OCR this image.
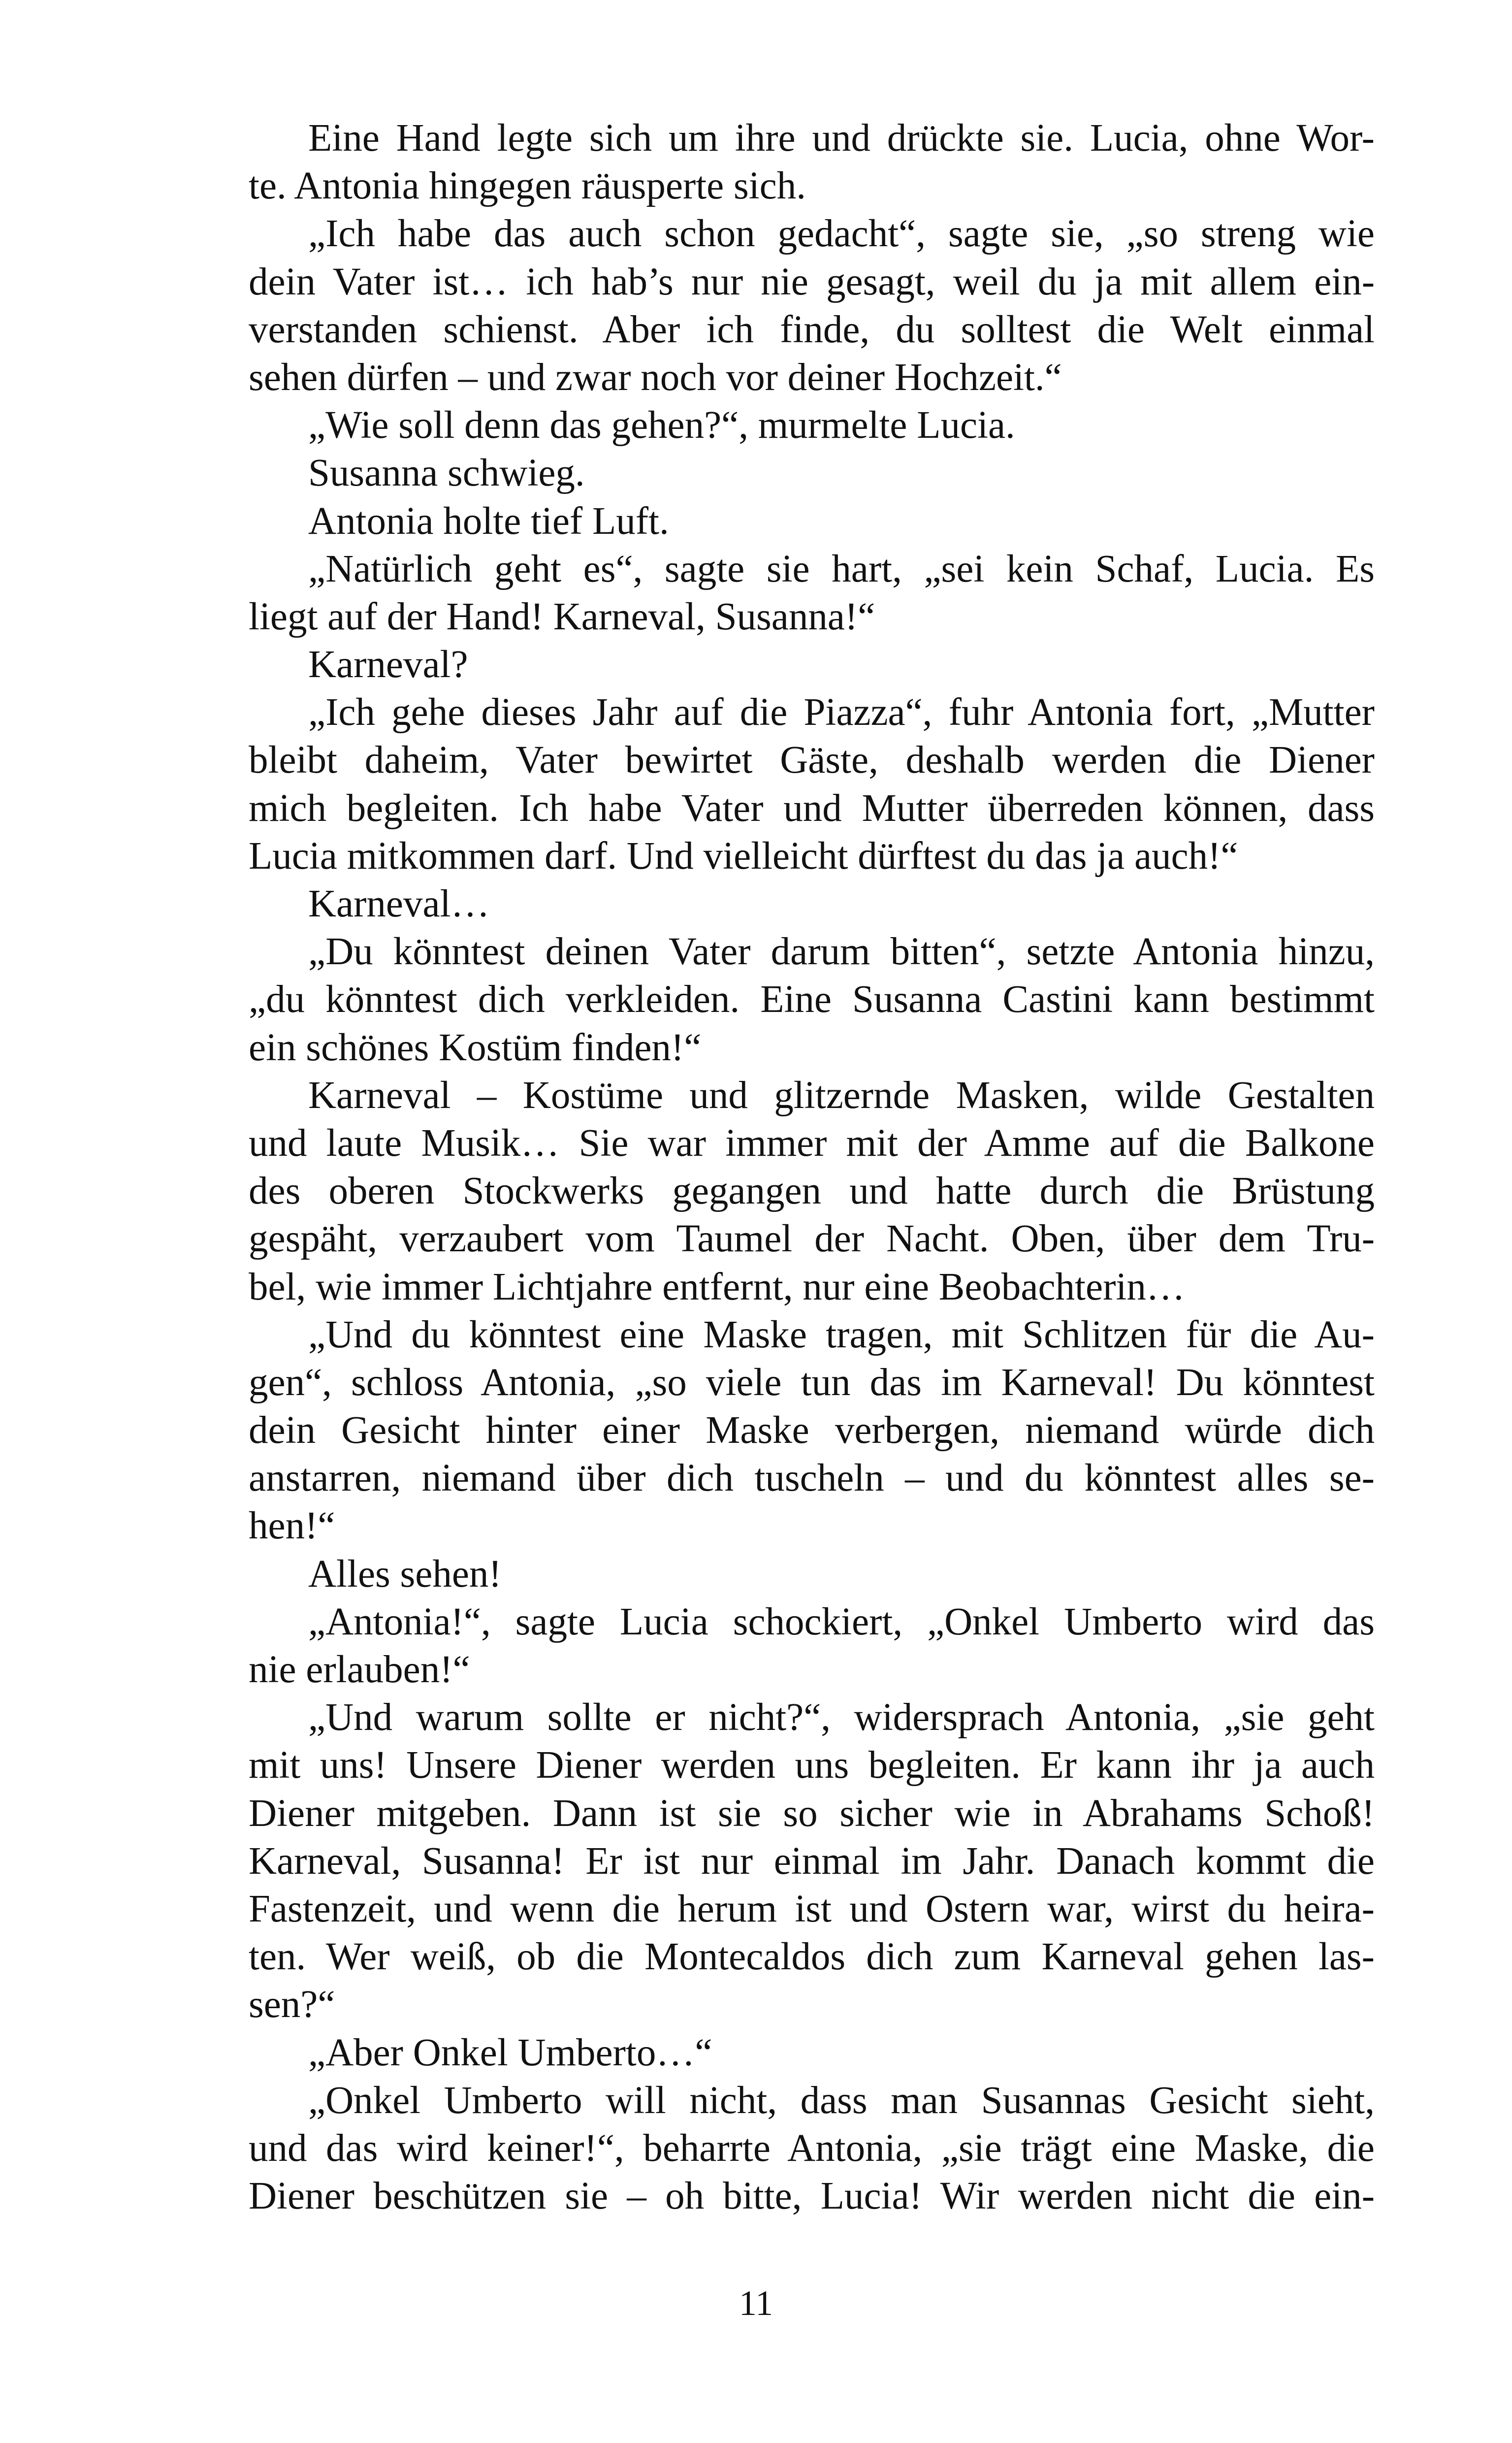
Eine Hand legte sich um ihre und drückte sie. Lucia, ohne Wor-
te. Antonia hingegen räusperte sich.
„Ich habe das auch schon gedacht“, sagte sie, „so streng wie
dein Vater ist… ich hab’s nur nie gesagt, weil du ja mit allem ein-
verstanden schienst. Aber ich finde, du solltest die Welt einmal
sehen dürfen – und zwar noch vor deiner Hochzeit.“
„Wie soll denn das gehen?“, murmelte Lucia.
Susanna schwieg.
Antonia holte tief Luft.
„Natürlich geht es“, sagte sie hart, „sei kein Schaf, Lucia. Es
liegt auf der Hand! Karneval, Susanna!“
Karneval?
„Ich gehe dieses Jahr auf die Piazza“, fuhr Antonia fort, „Mutter
bleibt daheim, Vater bewirtet Gäste, deshalb werden die Diener
mich begleiten. Ich habe Vater und Mutter überreden können, dass
Lucia mitkommen darf. Und vielleicht dürftest du das ja auch!“
Karneval…
„Du könntest deinen Vater darum bitten“, setzte Antonia hinzu,
„du könntest dich verkleiden. Eine Susanna Castini kann bestimmt
ein schönes Kostüm finden!“
Karneval – Kostüme und glitzernde Masken, wilde Gestalten
und laute Musik… Sie war immer mit der Amme auf die Balkone
des oberen Stockwerks gegangen und hatte durch die Brüstung
gespäht, verzaubert vom Taumel der Nacht. Oben, über dem Tru-
bel, wie immer Lichtjahre entfernt, nur eine Beobachterin…
„Und du könntest eine Maske tragen, mit Schlitzen für die Au-
gen“, schloss Antonia, „so viele tun das im Karneval! Du könntest
dein Gesicht hinter einer Maske verbergen, niemand würde dich
anstarren, niemand über dich tuscheln – und du könntest alles se-
hen!“
Alles sehen!
„Antonia!“, sagte Lucia schockiert, „Onkel Umberto wird das
nie erlauben!“
„Und warum sollte er nicht?“, widersprach Antonia, „sie geht
mit uns! Unsere Diener werden uns begleiten. Er kann ihr ja auch
Diener mitgeben. Dann ist sie so sicher wie in Abrahams Schoß!
Karneval, Susanna! Er ist nur einmal im Jahr. Danach kommt die
Fastenzeit, und wenn die herum ist und Ostern war, wirst du heira-
ten. Wer weiß, ob die Montecaldos dich zum Karneval gehen las-
sen?“
„Aber Onkel Umberto…“
„Onkel Umberto will nicht, dass man Susannas Gesicht sieht,
und das wird keiner!“, beharrte Antonia, „sie trägt eine Maske, die
Diener beschützen sie – oh bitte, Lucia! Wir werden nicht die ein-
11
